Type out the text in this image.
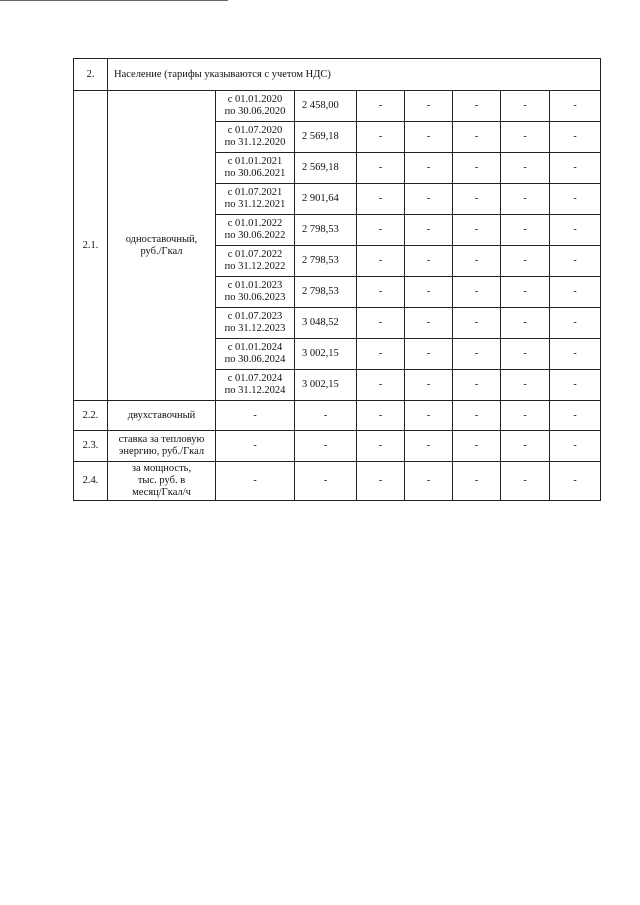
2.	Население (тарифы указываются с учетом НДС)							
2.1.	одноставочный,
руб./Гкал	с 01.01.2020
по 30.06.2020	2 458,00	-	-	-	-	-
		с 01.07.2020
по 31.12.2020	2 569,18	-	-	-	-	-
		с 01.01.2021
по 30.06.2021	2 569,18	-	-	-	-	-
		с 01.07.2021
по 31.12.2021	2 901,64	-	-	-	-	-
		с 01.01.2022
по 30.06.2022	2 798,53	-	-	-	-	-
		с 01.07.2022
по 31.12.2022	2 798,53	-	-	-	-	-
		с 01.01.2023
по 30.06.2023	2 798,53	-	-	-	-	-
		с 01.07.2023
по 31.12.2023	3 048,52	-	-	-	-	-
		с 01.01.2024
по 30.06.2024	3 002,15	-	-	-	-	-
		с 01.07.2024
по 31.12.2024	3 002,15	-	-	-	-	-
2.2.	двухставочный	-	-	-	-	-	-	-
2.3.	ставка за тепловую
энергию, руб./Гкал	-	-	-	-	-	-	-
2.4.	за мощность,
тыс. руб. в
месяц/Гкал/ч	-	-	-	-	-	-	-
